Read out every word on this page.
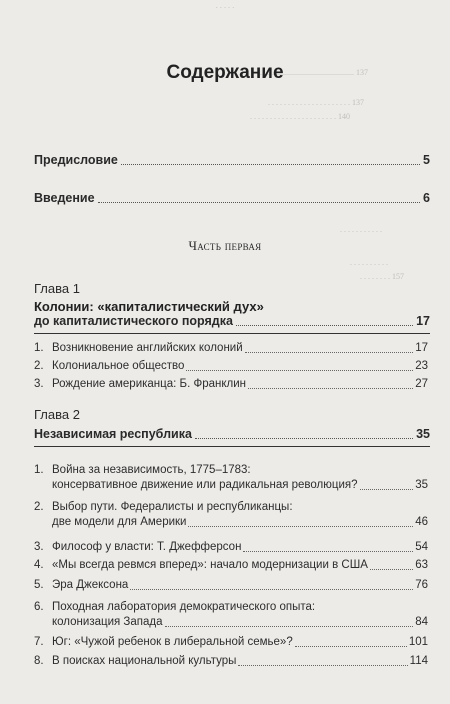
................................................ 137
. . . . . . . . . . . . . . . . . . . . . 137
. . . . . . . . . . . . . . . . . . . . . . 140
. . . . . . . . . . .
. . . . . . . . . .
. . . . . . . . 157
· · · · ·
Содержание
Предисловие	5
Введение	6
Часть первая
Глава 1
Колонии: «капиталистический дух»
до капиталистического порядка	17
1. Возникновение английских колоний	17
2. Колониальное общество	23
3. Рождение американца: Б. Франклин	27
Глава 2
Независимая республика	35
1. Война за независимость, 1775–1783:
консервативное движение или радикальная революция?	35
2. Выбор пути. Федералисты и республиканцы:
две модели для Америки	46
3. Философ у власти: Т. Джефферсон	54
4. «Мы всегда ревмся вперед»: начало модернизации в США	63
5. Эра Джексона	76
6. Походная лаборатория демократического опыта:
колонизация Запада	84
7. Юг: «Чужой ребенок в либеральной семье»?	101
8. В поисках национальной культуры	114
